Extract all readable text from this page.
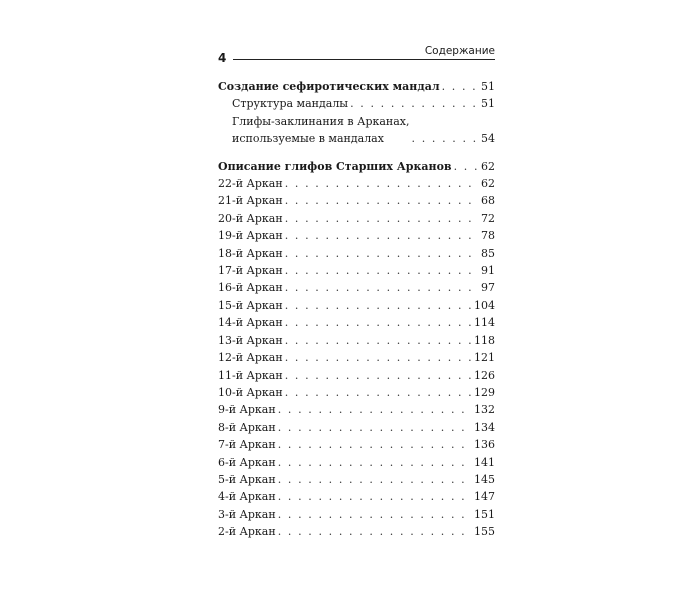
4	Содержание
Создание сефиротических мандал . . .	51
Структура мандалы . . .	51
Глифы-заклинания в Арканах,
используемые в мандалах . . .	54
Описание глифов Старших Арканов . . .	62
22-й Аркан . . .	62
21-й Аркан . . .	68
20-й Аркан . . .	72
19-й Аркан . . .	78
18-й Аркан . . .	85
17-й Аркан . . .	91
16-й Аркан . . .	97
15-й Аркан . . .	104
14-й Аркан . . .	114
13-й Аркан . . .	118
12-й Аркан . . .	121
11-й Аркан . . .	126
10-й Аркан . . .	129
9-й Аркан . . .	132
8-й Аркан . . .	134
7-й Аркан . . .	136
6-й Аркан . . .	141
5-й Аркан . . .	145
4-й Аркан . . .	147
3-й Аркан . . .	151
2-й Аркан . . .	155
